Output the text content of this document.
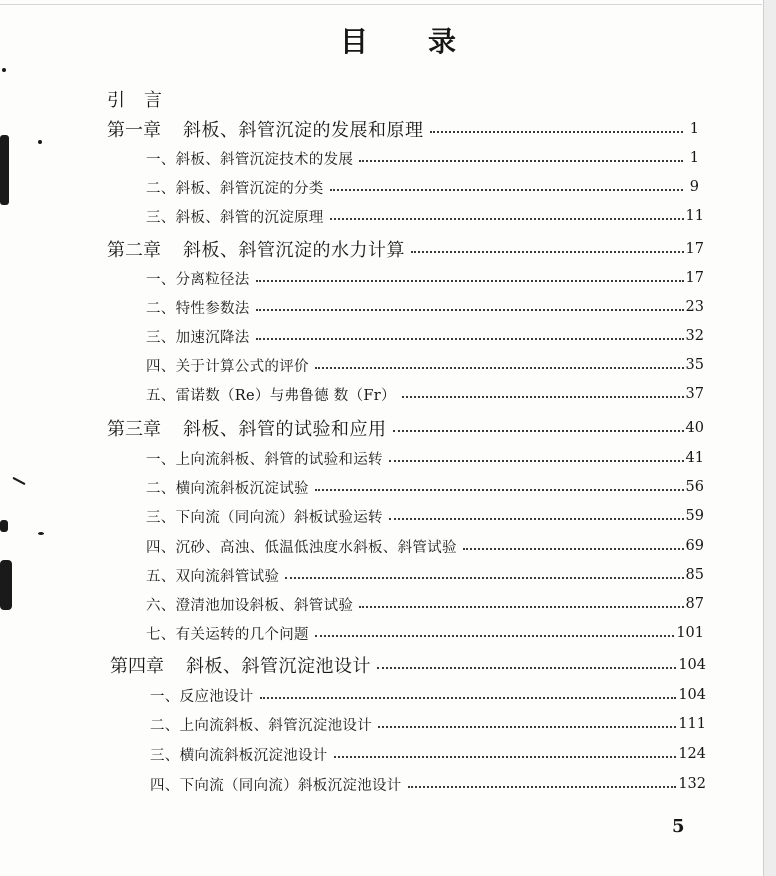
目 录
引　言
第一章 斜板、斜管沉淀的发展和原理	1
一、斜板、斜管沉淀技术的发展	1
二、斜板、斜管沉淀的分类	9
三、斜板、斜管的沉淀原理	11
第二章 斜板、斜管沉淀的水力计算	17
一、分离粒径法	17
二、特性参数法	23
三、加速沉降法	32
四、关于计算公式的评价	35
五、雷诺数（Re）与弗鲁德 数（Fr）	37
第三章 斜板、斜管的试验和应用	40
一、上向流斜板、斜管的试验和运转	41
二、横向流斜板沉淀试验	56
三、下向流（同向流）斜板试验运转	59
四、沉砂、高浊、低温低浊度水斜板、斜管试验	69
五、双向流斜管试验	85
六、澄清池加设斜板、斜管试验	87
七、有关运转的几个问题	101
第四章 斜板、斜管沉淀池设计	104
一、反应池设计	104
二、上向流斜板、斜管沉淀池设计	111
三、横向流斜板沉淀池设计	124
四、下向流（同向流）斜板沉淀池设计	132
5
